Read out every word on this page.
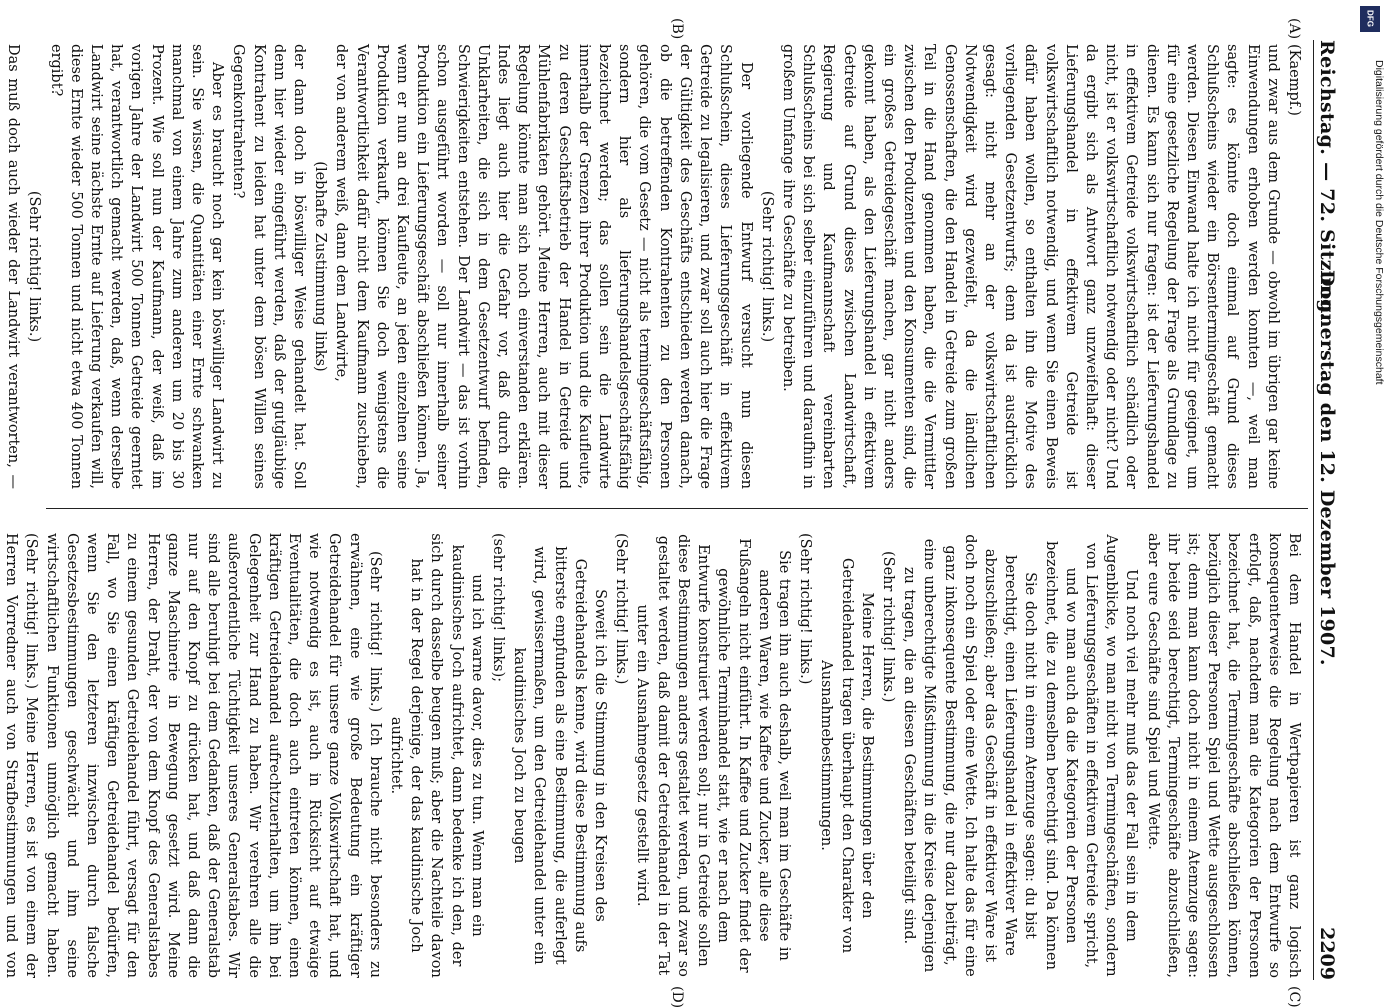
DFG
Digitalisierung gefördert durch die Deutsche Forschungsgemeinschaft
Reichstag. — 72. Sitzung.
Donnerstag den 12. Dezember 1907.
2209

(Kaempf.)

und zwar aus dem Grunde — obwohl im übrigen gar keine Einwendungen erhoben werden konnten —, weil man sagte: es könnte doch einmal auf Grund dieses Schlußscheins wieder ein Börsentermingeschäft gemacht werden. Diesen Einwand halte ich nicht für geeignet, um für eine gesetzliche Regelung der Frage als Grundlage zu dienen. Es kann sich nur fragen: ist der Lieferungshandel in effektivem Getreide volkswirtschaftlich schädlich oder nicht, ist er volkswirtschaftlich notwendig oder nicht? Und da ergibt sich als Antwort ganz unzweifelhaft: dieser Lieferungshandel in effektivem Getreide ist volkswirtschaftlich notwendig, und wenn Sie einen Beweis dafür haben wollen, so enthalten ihn die Motive des vorliegenden Gesetzentwurfs; denn da ist ausdrücklich gesagt: nicht mehr an der volkswirtschaftlichen Notwendigkeit wird gezweifelt, da die ländlichen Genossenschaften, die den Handel in Getreide zum großen Teil in die Hand genommen haben, die die Vermittler zwischen den Produzenten und den Konsumenten sind, die ein großes Getreidegeschäft machen, gar nicht anders gekonnt haben, als den Lieferungshandel in effektivem Getreide auf Grund dieses zwischen Landwirtschaft, Regierung und Kaufmannschaft vereinbarten Schlußscheins bei sich selber einzuführen und daraufhin in großem Umfange ihre Geschäfte zu betreiben.

(Sehr richtig! links.)

Der vorliegende Entwurf versucht nun diesen Schlußschein, dieses Lieferungsgeschäft in effektivem Getreide zu legalisieren, und zwar soll auch hier die Frage der Gültigkeit des Geschäfts entschieden werden danach, ob die betreffenden Kontrahenten zu den Personen gehören, die vom Gesetz — nicht als termingeschäftsfähig, sondern hier als lieferungshandelsgeschäftsfähig bezeichnet werden; das sollen sein die Landwirte innerhalb der Grenzen ihrer Produktion und die Kaufleute, zu deren Geschäftsbetrieb der Handel in Getreide und Mühlenfabrikaten gehört. Meine Herren, auch mit dieser Regelung könnte man sich noch einverstanden erklären. Indes liegt auch hier die Gefahr vor, daß durch die Unklarheiten, die sich in dem Gesetzentwurf befinden, Schwierigkeiten entstehen. Der Landwirt — das ist vorhin schon ausgeführt worden — soll nur innerhalb seiner Produktion ein Lieferungsgeschäft abschließen können. Ja, wenn er nun an drei Kaufleute, an jeden einzelnen seine Produktion verkauft, können Sie doch wenigstens die Verantwortlichkeit dafür nicht dem Kaufmann zuschieben, der von anderem weiß, dann dem Landwirte,

(lebhafte Zustimmung links)

der dann doch in böswilliger Weise gehandelt hat. Soll denn hier wieder eingeführt werden, daß der gutgläubige Kontrahent zu leiden hat unter dem bösen Willen seines Gegenkontrahenten?

Aber es braucht noch gar kein böswilliger Landwirt zu sein. Sie wissen, die Quantitäten einer Ernte schwanken manchmal von einem Jahre zum anderen um 20 bis 30 Prozent. Wie soll nun der Kaufmann, der weiß, daß im vorigen Jahre der Landwirt 500 Tonnen Getreide geerntet hat, verantwortlich gemacht werden, daß, wenn derselbe Landwirt seine nächste Ernte auf Lieferung verkaufen will, diese Ernte wieder 500 Tonnen und nicht etwa 400 Tonnen ergibt?

(Sehr richtig! links.)

Das muß doch auch wieder der Landwirt verantworten, —

Bei dem Handel in Wertpapieren ist ganz logisch konsequenterweise die Regelung nach dem Entwurfe so erfolgt, daß, nachdem man die Kategorien der Personen bezeichnet hat, die Termingeschäfte abschließen können, bezüglich dieser Personen Spiel und Wette ausgeschlossen ist; denn man kann doch nicht in einem Atemzuge sagen: ihr beide seid berechtigt, Termingeschäfte abzuschließen, aber eure Geschäfte sind Spiel und Wette.

Und noch viel mehr muß das der Fall sein in dem Augenblicke, wo man nicht von Termingeschäften, sondern von Lieferungsgeschäften in effektivem Getreide spricht, und wo man auch da die Kategorien der Personen bezeichnet, die zu demselben berechtigt sind. Da können Sie doch nicht in einem Atemzuge sagen: du bist berechtigt, einen Lieferungshandel in effektiver Ware abzuschließen; aber das Geschäft in effektiver Ware ist doch noch ein Spiel oder eine Wette. Ich halte das für eine ganz inkonsequente Bestimmung, die nur dazu beiträgt, eine unberechtigte Mißstimmung in die Kreise derjenigen zu tragen, die an diesen Geschäften beteiligt sind.

(Sehr richtig! links.)

Meine Herren, die Bestimmungen über den Getreidehandel tragen überhaupt den Charakter von Ausnahmebestimmungen.

(Sehr richtig! links.)

Sie tragen ihn auch deshalb, weil man im Geschäfte in anderen Waren, wie Kaffee und Zucker, alle diese Fußangeln nicht einführt. In Kaffee und Zucker findet der gewöhnliche Terminhandel statt, wie er nach dem Entwurfe konstruiert werden soll; nur in Getreide sollen diese Bestimmungen anders gestaltet werden, und zwar so gestaltet werden, daß damit der Getreidehandel in der Tat unter ein Ausnahmegesetz gestellt wird.

(Sehr richtig! links.)

Soweit ich die Stimmung in den Kreisen des Getreidehandels kenne, wird diese Bestimmung aufs bitterste empfunden als eine Bestimmung, die auferlegt wird, gewissermaßen, um den Getreidehandel unter ein kaudinisches Joch zu beugen

(sehr richtig! links);

und ich warne davor, dies zu tun. Wenn man ein kaudinisches Joch aufrichtet, dann bedenke ich den, der sich durch dasselbe beugen muß; aber die Nachteile davon hat in der Regel derjenige, der das kaudinische Joch aufrichtet.

(Sehr richtig! links.) Ich brauche nicht besonders zu erwähnen, eine wie große Bedeutung ein kräftiger Getreidehandel für unsere ganze Volkswirtschaft hat, und wie notwendig es ist, auch in Rücksicht auf etwaige Eventualitäten, die doch auch eintreten können, einen kräftigen Getreidehandel aufrechtzuerhalten, um ihn bei Gelegenheit zur Hand zu haben. Wir verehren alle die außerordentliche Tüchtigkeit unseres Generalstabes. Wir sind alle beruhigt bei dem Gedanken, daß der Generalstab nur auf den Knopf zu drücken hat, und daß dann die ganze Maschinerie in Bewegung gesetzt wird. Meine Herren, der Draht, der von dem Knopf des Generalstabes zu einem gesunden Getreidehandel führt, versagt für den Fall, wo Sie einen kräftigen Getreidehandel bedürfen, wenn Sie den letzteren inzwischen durch falsche Gesetzesbestimmungen geschwächt und ihm seine wirtschaftlichen Funktionen unmöglich gemacht haben. (Sehr richtig! links.) Meine Herren, es ist von einem der Herren Vorredner auch von Strafbestimmungen und von

(A)
(B)
(C)
(D)
